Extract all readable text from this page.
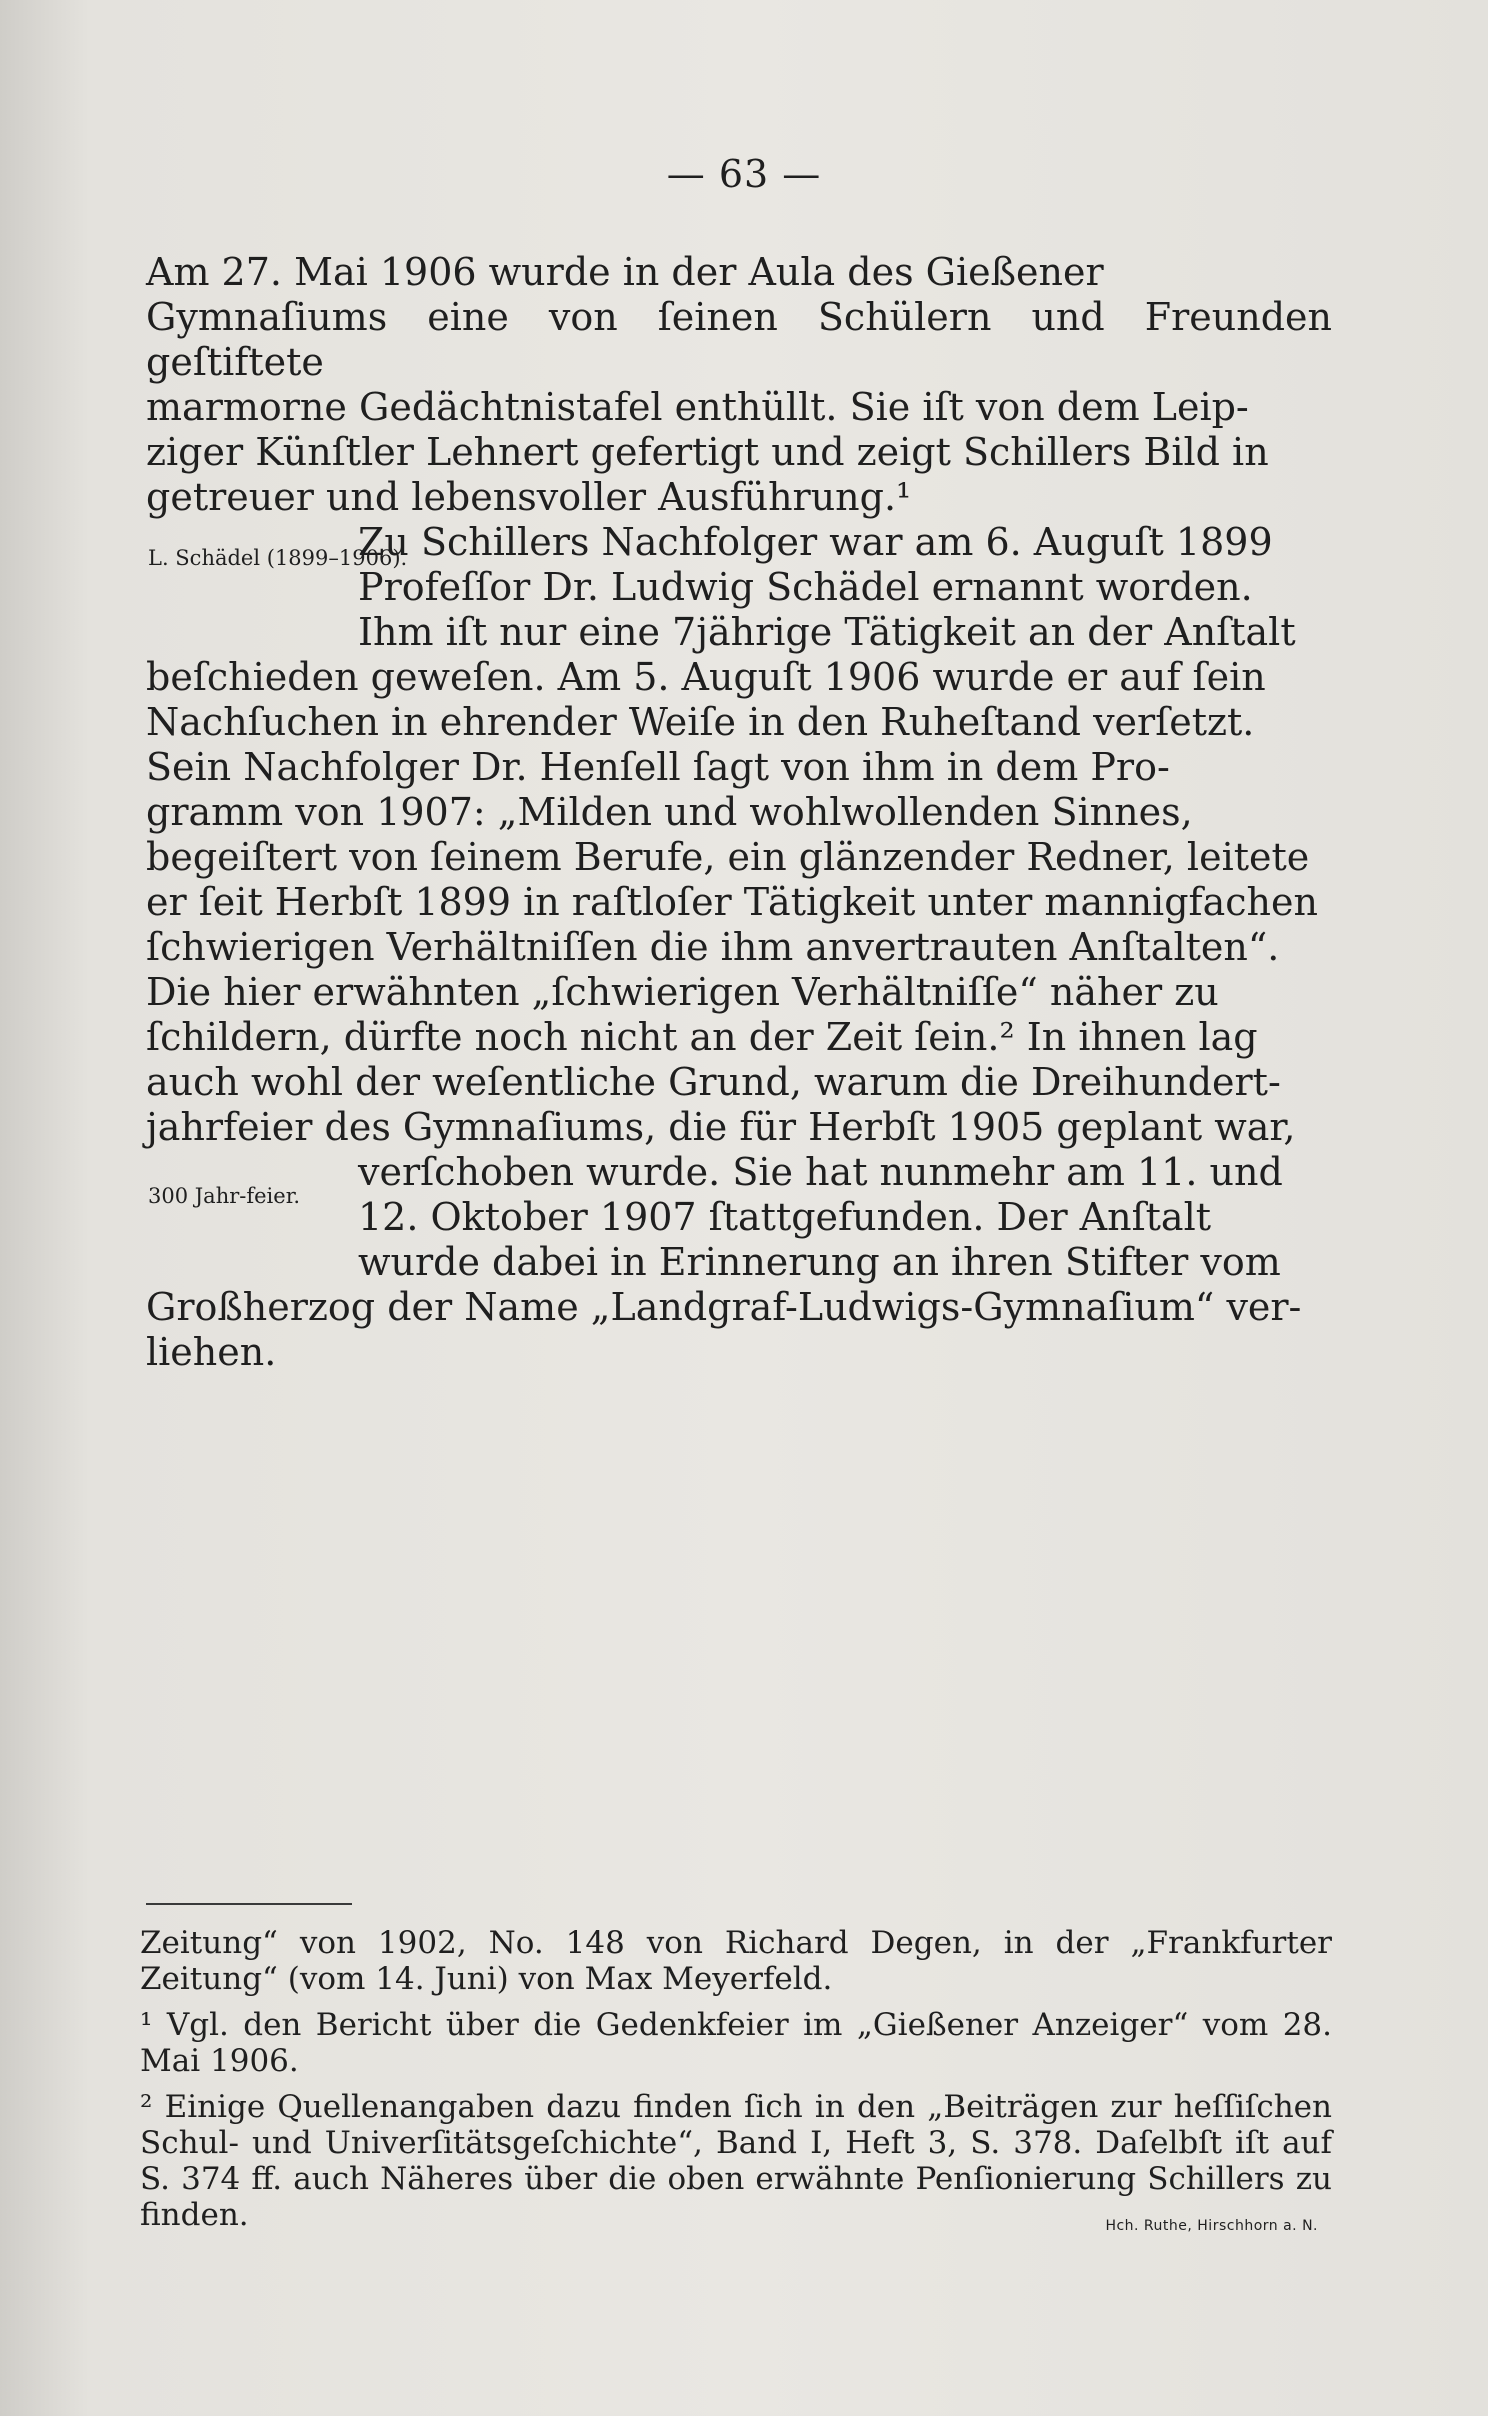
— 63 —
Am 27. Mai 1906 wurde in der Aula des Gießener
Gymnaſiums eine von ſeinen Schülern und Freunden geſtiftete
marmorne Gedächtnistafel enthüllt. Sie iſt von dem Leip-
ziger Künſtler Lehnert gefertigt und zeigt Schillers Bild in
getreuer und lebensvoller Ausführung.¹
L. Schädel (1899–1906).
300 Jahr-feier.
Zu Schillers Nachfolger war am 6. Auguſt 1899
Profeſſor Dr. Ludwig Schädel ernannt worden.
Ihm iſt nur eine 7jährige Tätigkeit an der Anſtalt
beſchieden geweſen. Am 5. Auguſt 1906 wurde er auf ſein
Nachſuchen in ehrender Weiſe in den Ruheſtand verſetzt.
Sein Nachfolger Dr. Henſell ſagt von ihm in dem Pro-
gramm von 1907: „Milden und wohlwollenden Sinnes,
begeiſtert von ſeinem Berufe, ein glänzender Redner, leitete
er ſeit Herbſt 1899 in raſtloſer Tätigkeit unter mannigfachen
ſchwierigen Verhältniſſen die ihm anvertrauten Anſtalten“.
Die hier erwähnten „ſchwierigen Verhältniſſe“ näher zu
ſchildern, dürfte noch nicht an der Zeit ſein.² In ihnen lag
auch wohl der weſentliche Grund, warum die Dreihundert-
jahrfeier des Gymnaſiums, die für Herbſt 1905 geplant war,
verſchoben wurde. Sie hat nunmehr am 11. und
12. Oktober 1907 ſtattgefunden. Der Anſtalt
wurde dabei in Erinnerung an ihren Stifter vom
Großherzog der Name „Landgraf-Ludwigs-Gymnaſium“ ver-
liehen.

Zeitung“ von 1902, No. 148 von Richard Degen, in der „Frankfurter Zeitung“ (vom 14. Juni) von Max Meyerfeld.

¹ Vgl. den Bericht über die Gedenkfeier im „Gießener Anzeiger“ vom 28. Mai 1906.

² Einige Quellenangaben dazu finden ſich in den „Beiträgen zur heſſiſchen Schul- und Univerſitätsgeſchichte“, Band I, Heft 3, S. 378. Daſelbſt iſt auf S. 374 ff. auch Näheres über die oben erwähnte Penſionierung Schillers zu finden.	Hch. Ruthe, Hirschhorn a. N.
